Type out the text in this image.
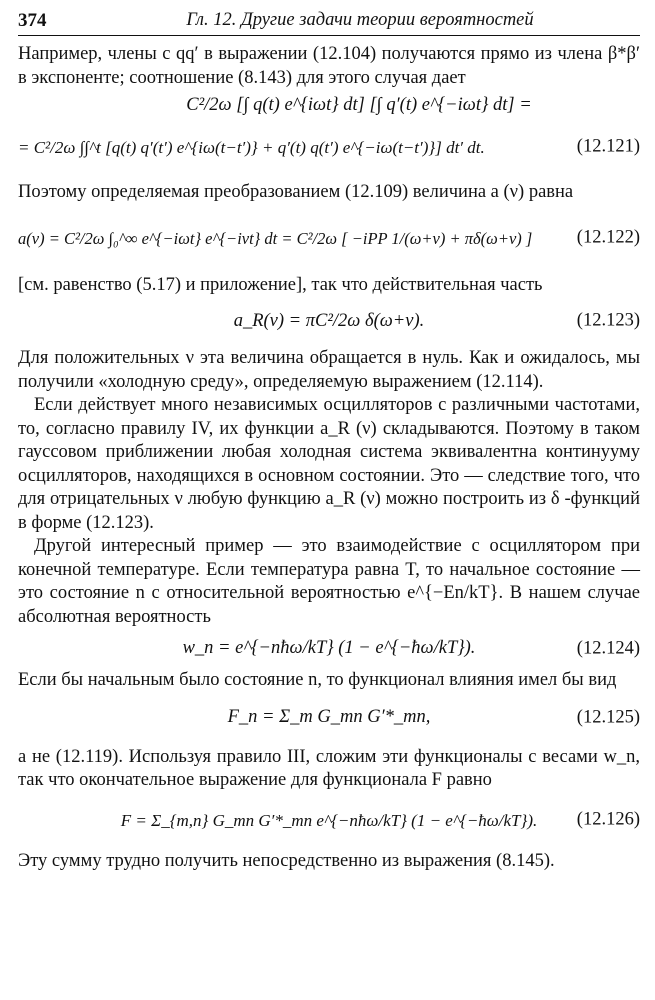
374	Гл. 12. Другие задачи теории вероятностей

Например, члены с qq′ в выражении (12.104) получаются прямо из члена β*β′ в экспоненте; соотношение (8.143) для этого случая дает

C²/2ω [∫ q(t) e^{iωt} dt] [∫ q′(t) e^{−iωt} dt] =
= C²/2ω ∫∫^t [q(t) q′(t′) e^{iω(t−t′)} + q′(t) q(t′) e^{−iω(t−t′)}] dt′ dt.	(12.121)

Поэтому определяемая преобразованием (12.109) величина a (ν) равна

a(ν) = C²/2ω ∫₀^∞ e^{−iωt} e^{−iνt} dt = C²/2ω [ −iPP 1/(ω+ν) + πδ(ω+ν) ]	(12.122)

[см. равенство (5.17) и приложение], так что действительная часть

a_R(ν) = πC²/2ω δ(ω+ν).	(12.123)

Для положительных ν эта величина обращается в нуль. Как и ожидалось, мы получили «холодную среду», определяемую выражением (12.114).

Если действует много независимых осцилляторов с различными частотами, то, согласно правилу IV, их функции a_R (ν) складываются. Поэтому в таком гауссовом приближении любая холодная система эквивалентна континууму осцилляторов, находящихся в основном состоянии. Это — следствие того, что для отрицательных ν любую функцию a_R (ν) можно построить из δ -функций в форме (12.123).

Другой интересный пример — это взаимодействие с осциллятором при конечной температуре. Если температура равна T, то начальное состояние — это состояние n с относительной вероятностью e^{−En/kT}. В нашем случае абсолютная вероятность

w_n = e^{−nħω/kT} (1 − e^{−ħω/kT}).	(12.124)

Если бы начальным было состояние n, то функционал влияния имел бы вид

F_n = Σ_m G_mn G′*_mn,	(12.125)

а не (12.119). Используя правило III, сложим эти функционалы с весами w_n, так что окончательное выражение для функционала F равно

F = Σ_{m,n} G_mn G′*_mn e^{−nħω/kT} (1 − e^{−ħω/kT}).	(12.126)

Эту сумму трудно получить непосредственно из выражения (8.145).
